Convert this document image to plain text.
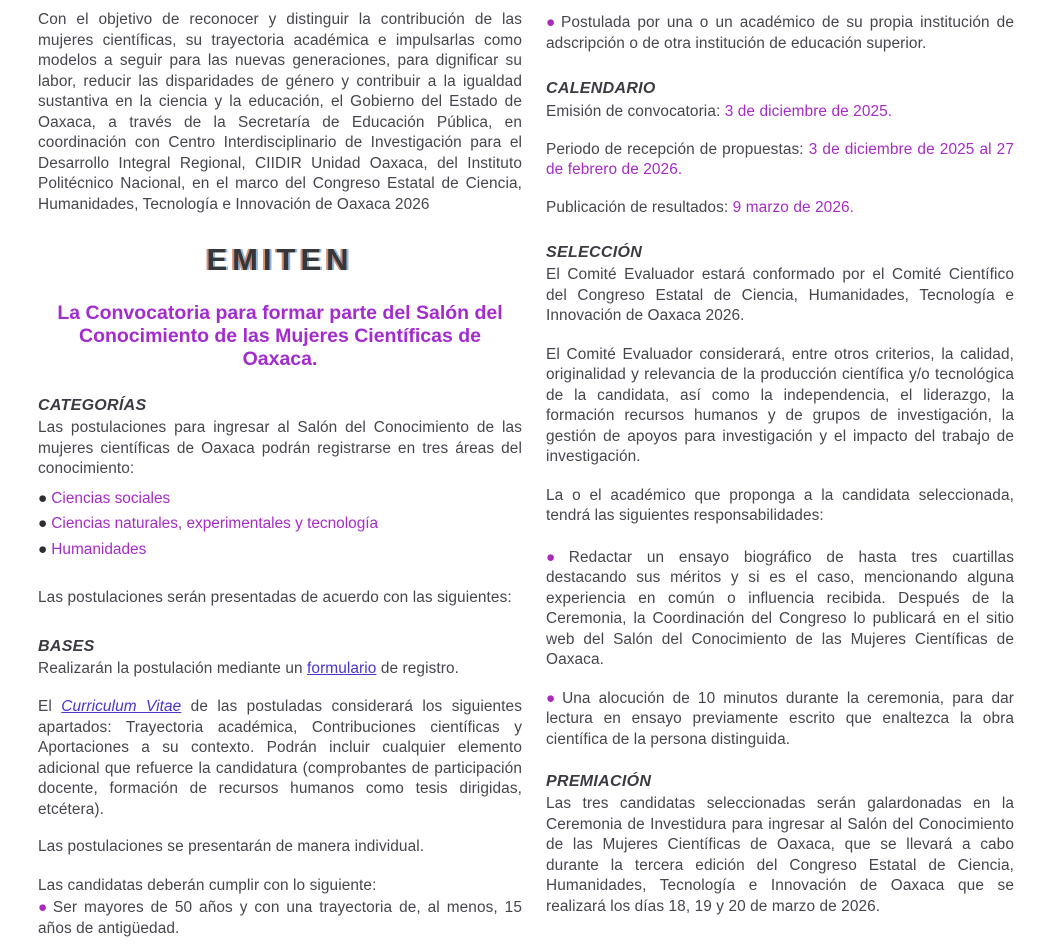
Con el objetivo de reconocer y distinguir la contribución de las mujeres científicas, su trayectoria académica e impulsarlas como modelos a seguir para las nuevas generaciones, para dignificar su labor, reducir las disparidades de género y contribuir a la igualdad sustantiva en la ciencia y la educación, el Gobierno del Estado de Oaxaca, a través de la Secretaría de Educación Pública, en coordinación con Centro Interdisciplinario de Investigación para el Desarrollo Integral Regional, CIIDIR Unidad Oaxaca, del Instituto Politécnico Nacional, en el marco del Congreso Estatal de Ciencia, Humanidades, Tecnología e Innovación de Oaxaca 2026

EMITEN
La Convocatoria para formar parte del Salón del Conocimiento de las Mujeres Científicas de Oaxaca.
CATEGORÍAS

Las postulaciones para ingresar al Salón del Conocimiento de las mujeres científicas de Oaxaca podrán registrarse en tres áreas del conocimiento:

● Ciencias sociales
● Ciencias naturales, experimentales y tecnología
● Humanidades

Las postulaciones serán presentadas de acuerdo con las siguientes:

BASES

Realizarán la postulación mediante un formulario de registro.

El Curriculum Vitae de las postuladas considerará los siguientes apartados: Trayectoria académica, Contribuciones científicas y Aportaciones a su contexto. Podrán incluir cualquier elemento adicional que refuerce la candidatura (comprobantes de participación docente, formación de recursos humanos como tesis dirigidas, etcétera).

Las postulaciones se presentarán de manera individual.

Las candidatas deberán cumplir con lo siguiente:

● Ser mayores de 50 años y con una trayectoria de, al menos, 15 años de antigüedad.

● Postulada por una o un académico de su propia institución de adscripción o de otra institución de educación superior.

CALENDARIO

Emisión de convocatoria: 3 de diciembre de 2025.

Periodo de recepción de propuestas: 3 de diciembre de 2025 al 27 de febrero de 2026.

Publicación de resultados: 9 marzo de 2026.

SELECCIÓN

El Comité Evaluador estará conformado por el Comité Científico del Congreso Estatal de Ciencia, Humanidades, Tecnología e Innovación de Oaxaca 2026.

El Comité Evaluador considerará, entre otros criterios, la calidad, originalidad y relevancia de la producción científica y/o tecnológica de la candidata, así como la independencia, el liderazgo, la formación recursos humanos y de grupos de investigación, la gestión de apoyos para investigación y el impacto del trabajo de investigación.

La o el académico que proponga a la candidata seleccionada, tendrá las siguientes responsabilidades:

● Redactar un ensayo biográfico de hasta tres cuartillas destacando sus méritos y si es el caso, mencionando alguna experiencia en común o influencia recibida. Después de la Ceremonia, la Coordinación del Congreso lo publicará en el sitio web del Salón del Conocimiento de las Mujeres Científicas de Oaxaca.

● Una alocución de 10 minutos durante la ceremonia, para dar lectura en ensayo previamente escrito que enaltezca la obra científica de la persona distinguida.

PREMIACIÓN

Las tres candidatas seleccionadas serán galardonadas en la Ceremonia de Investidura para ingresar al Salón del Conocimiento de las Mujeres Científicas de Oaxaca, que se llevará a cabo durante la tercera edición del Congreso Estatal de Ciencia, Humanidades, Tecnología e Innovación de Oaxaca que se realizará los días 18, 19 y 20 de marzo de 2026.
